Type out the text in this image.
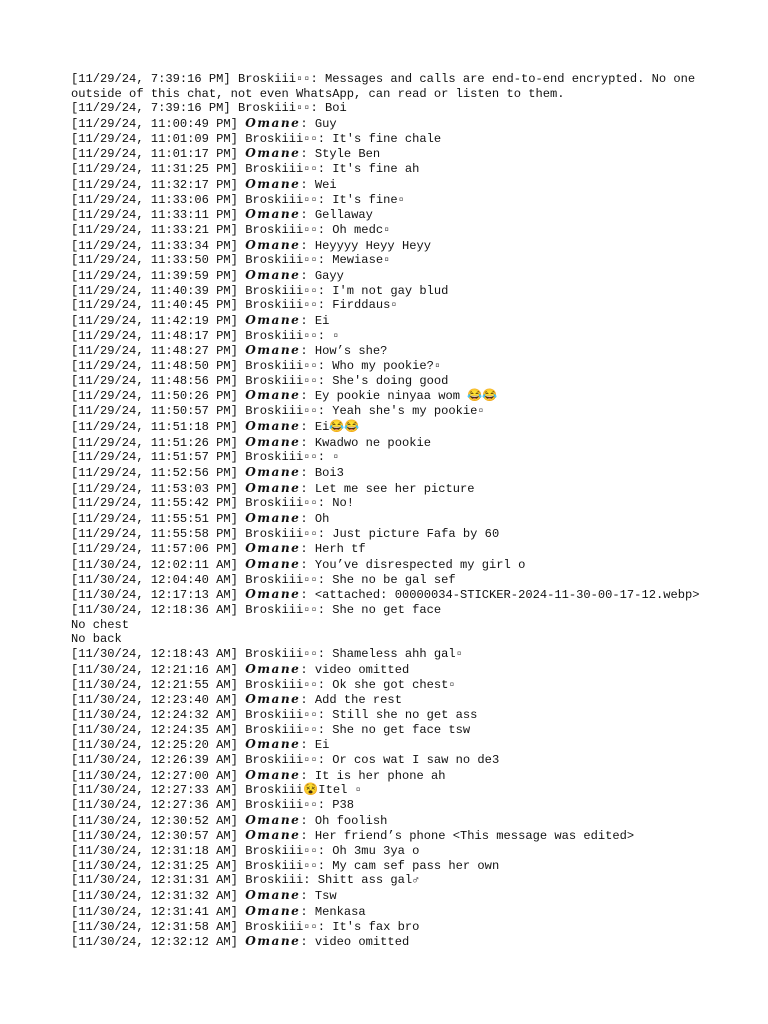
[11/29/24, 7:39:16 PM] Broskiii▫▫: Messages and calls are end-to-end encrypted. No one outside of this chat, not even WhatsApp, can read or listen to them.
[11/29/24, 7:39:16 PM] Broskiii▫▫: Boi
[11/29/24, 11:00:49 PM] 𝑶𝒎𝒂𝒏𝒆: Guy
[11/29/24, 11:01:09 PM] Broskiii▫▫: It's fine chale
[11/29/24, 11:01:17 PM] 𝑶𝒎𝒂𝒏𝒆: Style Ben
[11/29/24, 11:31:25 PM] Broskiii▫▫: It's fine ah
[11/29/24, 11:32:17 PM] 𝑶𝒎𝒂𝒏𝒆: Wei
[11/29/24, 11:33:06 PM] Broskiii▫▫: It's fine▫
[11/29/24, 11:33:11 PM] 𝑶𝒎𝒂𝒏𝒆: Gellaway
[11/29/24, 11:33:21 PM] Broskiii▫▫: Oh medc▫
[11/29/24, 11:33:34 PM] 𝑶𝒎𝒂𝒏𝒆: Heyyyy Heyy Heyy
[11/29/24, 11:33:50 PM] Broskiii▫▫: Mewiase▫
[11/29/24, 11:39:59 PM] 𝑶𝒎𝒂𝒏𝒆: Gayy
[11/29/24, 11:40:39 PM] Broskiii▫▫: I'm not gay blud
[11/29/24, 11:40:45 PM] Broskiii▫▫: Firddaus▫
[11/29/24, 11:42:19 PM] 𝑶𝒎𝒂𝒏𝒆: Ei
[11/29/24, 11:48:17 PM] Broskiii▫▫: ▫
[11/29/24, 11:48:27 PM] 𝑶𝒎𝒂𝒏𝒆: How’s she?
[11/29/24, 11:48:50 PM] Broskiii▫▫: Who my pookie?▫
[11/29/24, 11:48:56 PM] Broskiii▫▫: She's doing good
[11/29/24, 11:50:26 PM] 𝑶𝒎𝒂𝒏𝒆: Ey pookie ninyaa wom 😂😂
[11/29/24, 11:50:57 PM] Broskiii▫▫: Yeah she's my pookie▫
[11/29/24, 11:51:18 PM] 𝑶𝒎𝒂𝒏𝒆: Ei😂😂
[11/29/24, 11:51:26 PM] 𝑶𝒎𝒂𝒏𝒆: Kwadwo ne pookie
[11/29/24, 11:51:57 PM] Broskiii▫▫: ▫
[11/29/24, 11:52:56 PM] 𝑶𝒎𝒂𝒏𝒆: Boi3
[11/29/24, 11:53:03 PM] 𝑶𝒎𝒂𝒏𝒆: Let me see her picture
[11/29/24, 11:55:42 PM] Broskiii▫▫: No!
[11/29/24, 11:55:51 PM] 𝑶𝒎𝒂𝒏𝒆: Oh
[11/29/24, 11:55:58 PM] Broskiii▫▫: Just picture Fafa by 60
[11/29/24, 11:57:06 PM] 𝑶𝒎𝒂𝒏𝒆: Herh tf
[11/30/24, 12:02:11 AM] 𝑶𝒎𝒂𝒏𝒆: You’ve disrespected my girl o
[11/30/24, 12:04:40 AM] Broskiii▫▫: She no be gal sef
[11/30/24, 12:17:13 AM] 𝑶𝒎𝒂𝒏𝒆: <attached: 00000034-STICKER-2024-11-30-00-17-12.webp>
[11/30/24, 12:18:36 AM] Broskiii▫▫: She no get face
No chest
No back
[11/30/24, 12:18:43 AM] Broskiii▫▫: Shameless ahh gal▫
[11/30/24, 12:21:16 AM] 𝑶𝒎𝒂𝒏𝒆: video omitted
[11/30/24, 12:21:55 AM] Broskiii▫▫: Ok she got chest▫
[11/30/24, 12:23:40 AM] 𝑶𝒎𝒂𝒏𝒆: Add the rest
[11/30/24, 12:24:32 AM] Broskiii▫▫: Still she no get ass
[11/30/24, 12:24:35 AM] Broskiii▫▫: She no get face tsw
[11/30/24, 12:25:20 AM] 𝑶𝒎𝒂𝒏𝒆: Ei
[11/30/24, 12:26:39 AM] Broskiii▫▫: Or cos wat I saw no de3
[11/30/24, 12:27:00 AM] 𝑶𝒎𝒂𝒏𝒆: It is her phone ah
[11/30/24, 12:27:33 AM] Broskiii😵Itel ▫
[11/30/24, 12:27:36 AM] Broskiii▫▫: P38
[11/30/24, 12:30:52 AM] 𝑶𝒎𝒂𝒏𝒆: Oh foolish
[11/30/24, 12:30:57 AM] 𝑶𝒎𝒂𝒏𝒆: Her friend’s phone <This message was edited>
[11/30/24, 12:31:18 AM] Broskiii▫▫: Oh 3mu 3ya o
[11/30/24, 12:31:25 AM] Broskiii▫▫: My cam sef pass her own
[11/30/24, 12:31:31 AM] Broskiii: Shitt ass gal♂
[11/30/24, 12:31:32 AM] 𝑶𝒎𝒂𝒏𝒆: Tsw
[11/30/24, 12:31:41 AM] 𝑶𝒎𝒂𝒏𝒆: Menkasa
[11/30/24, 12:31:58 AM] Broskiii▫▫: It's fax bro
[11/30/24, 12:32:12 AM] 𝑶𝒎𝒂𝒏𝒆: video omitted
